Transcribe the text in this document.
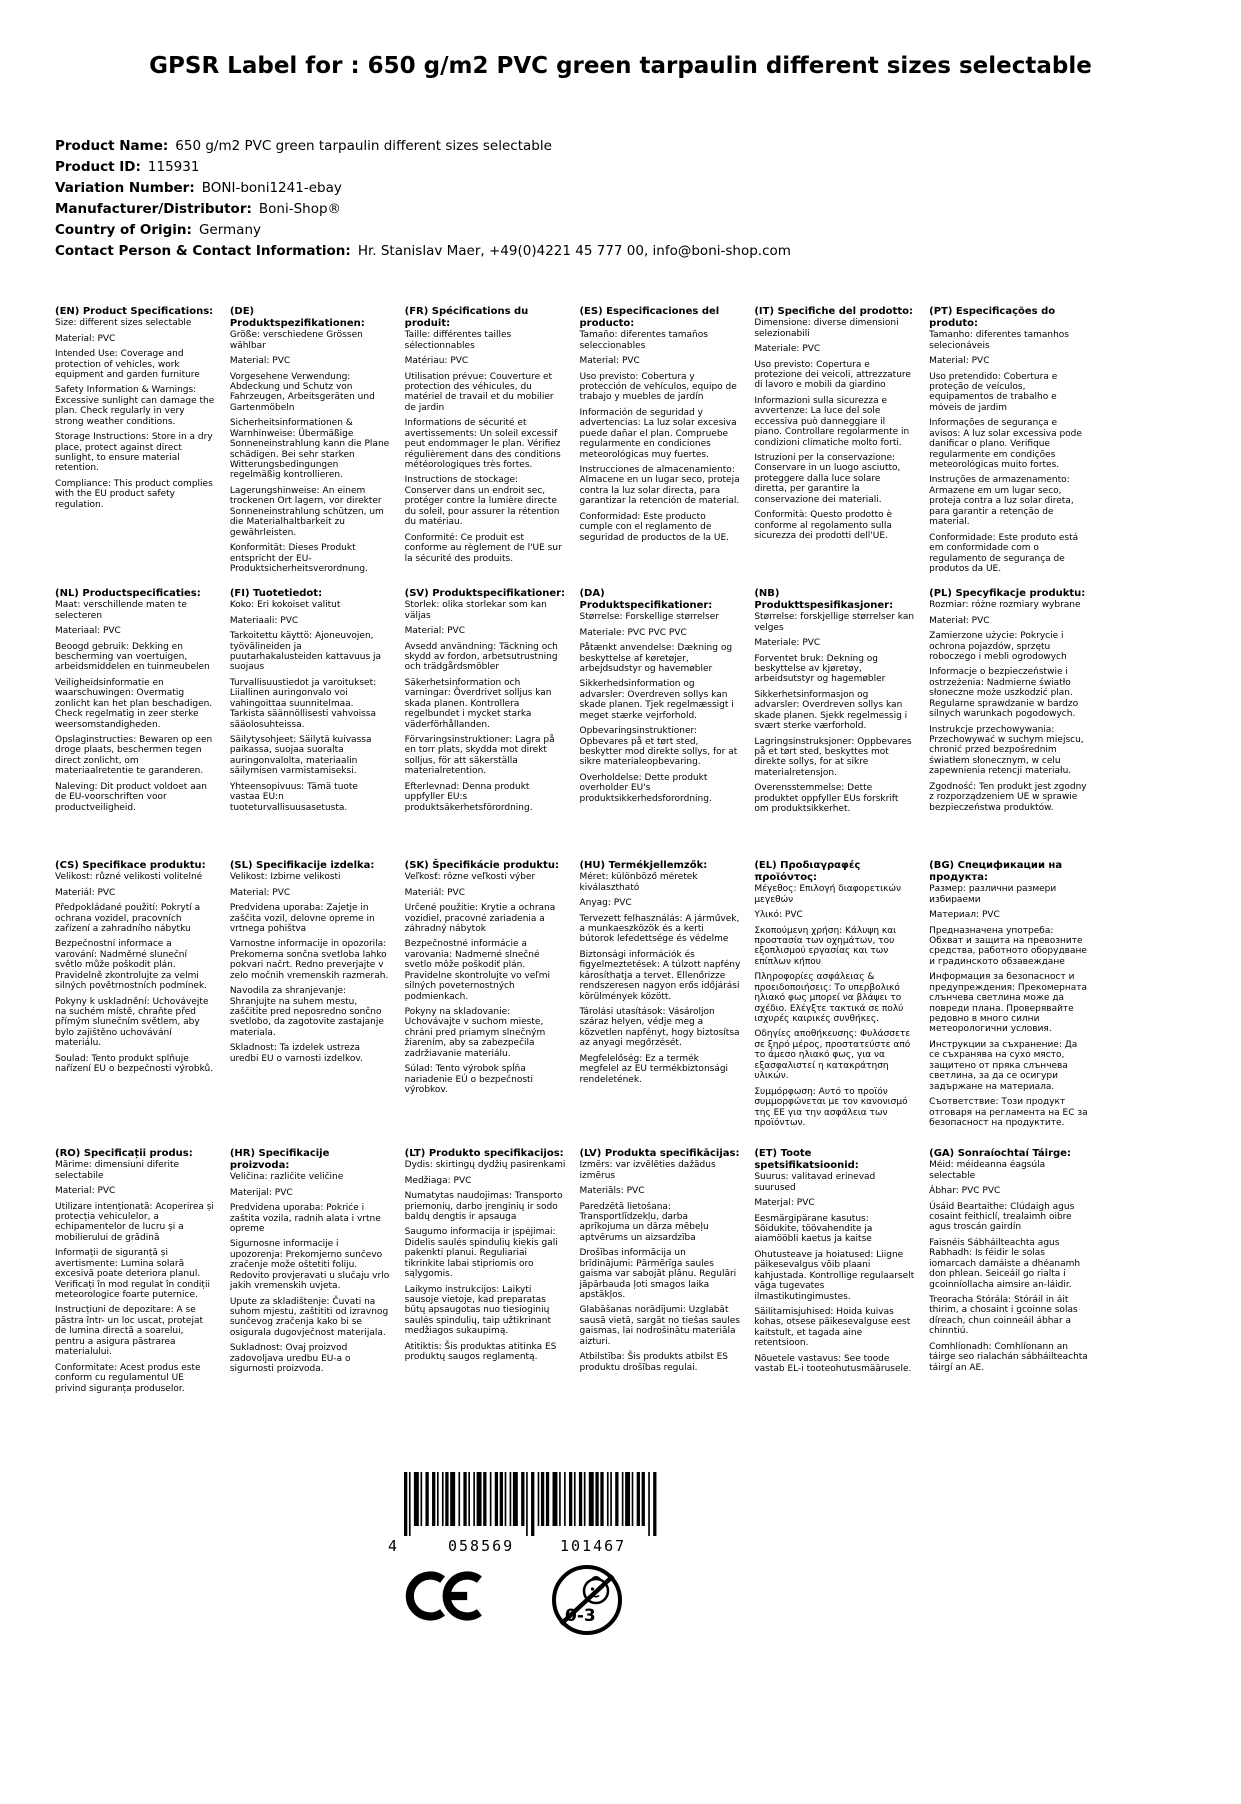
GPSR Label for : 650 g/m2 PVC green tarpaulin different sizes selectable
Product Name: 650 g/m2 PVC green tarpaulin different sizes selectable
Product ID: 115931
Variation Number: BONI-boni1241-ebay
Manufacturer/Distributor: Boni-Shop®
Country of Origin: Germany
Contact Person & Contact Information: Hr. Stanislav Maer, +49(0)4221 45 777 00, info@boni-shop.com
(EN) Product Specifications:

Size: different sizes selectable

Material: PVC

Intended Use: Coverage and protection of vehicles, work equipment and garden furniture

Safety Information & Warnings: Excessive sunlight can damage the plan. Check regularly in very strong weather conditions.

Storage Instructions: Store in a dry place, protect against direct sunlight, to ensure material retention.

Compliance: This product complies with the EU product safety regulation.

(DE) Produktspezifikationen:

Größe: verschiedene Grössen wählbar

Material: PVC

Vorgesehene Verwendung: Abdeckung und Schutz von Fahrzeugen, Arbeitsgeräten und Gartenmöbeln

Sicherheitsinformationen & Warnhinweise: Übermäßige Sonneneinstrahlung kann die Plane schädigen. Bei sehr starken Witterungsbedingungen regelmäßig kontrollieren.

Lagerungshinweise: An einem trockenen Ort lagern, vor direkter Sonneneinstrahlung schützen, um die Materialhaltbarkeit zu gewährleisten.

Konformität: Dieses Produkt entspricht der EU-Produktsicherheitsverordnung.

(FR) Spécifications du produit:

Taille: différentes tailles sélectionnables

Matériau: PVC

Utilisation prévue: Couverture et protection des véhicules, du matériel de travail et du mobilier de jardin

Informations de sécurité et avertissements: Un soleil excessif peut endommager le plan. Vérifiez régulièrement dans des conditions météorologiques très fortes.

Instructions de stockage: Conserver dans un endroit sec, protéger contre la lumière directe du soleil, pour assurer la rétention du matériau.

Conformité: Ce produit est conforme au règlement de l'UE sur la sécurité des produits.

(ES) Especificaciones del producto:

Tamaño: diferentes tamaños seleccionables

Material: PVC

Uso previsto: Cobertura y protección de vehículos, equipo de trabajo y muebles de jardín

Información de seguridad y advertencias: La luz solar excesiva puede dañar el plan. Compruebe regularmente en condiciones meteorológicas muy fuertes.

Instrucciones de almacenamiento: Almacene en un lugar seco, proteja contra la luz solar directa, para garantizar la retención de material.

Conformidad: Este producto cumple con el reglamento de seguridad de productos de la UE.

(IT) Specifiche del prodotto:

Dimensione: diverse dimensioni selezionabili

Materiale: PVC

Uso previsto: Copertura e protezione dei veicoli, attrezzature di lavoro e mobili da giardino

Informazioni sulla sicurezza e avvertenze: La luce del sole eccessiva può danneggiare il piano. Controllare regolarmente in condizioni climatiche molto forti.

Istruzioni per la conservazione: Conservare in un luogo asciutto, proteggere dalla luce solare diretta, per garantire la conservazione dei materiali.

Conformità: Questo prodotto è conforme al regolamento sulla sicurezza dei prodotti dell'UE.

(PT) Especificações do produto:

Tamanho: diferentes tamanhos selecionáveis

Material: PVC

Uso pretendido: Cobertura e proteção de veículos, equipamentos de trabalho e móveis de jardim

Informações de segurança e avisos: A luz solar excessiva pode danificar o plano. Verifique regularmente em condições meteorológicas muito fortes.

Instruções de armazenamento: Armazene em um lugar seco, proteja contra a luz solar direta, para garantir a retenção de material.

Conformidade: Este produto está em conformidade com o regulamento de segurança de produtos da UE.

(NL) Productspecificaties:

Maat: verschillende maten te selecteren

Materiaal: PVC

Beoogd gebruik: Dekking en bescherming van voertuigen, arbeidsmiddelen en tuinmeubelen

Veiligheidsinformatie en waarschuwingen: Overmatig zonlicht kan het plan beschadigen. Check regelmatig in zeer sterke weersomstandigheden.

Opslaginstructies: Bewaren op een droge plaats, beschermen tegen direct zonlicht, om materiaalretentie te garanderen.

Naleving: Dit product voldoet aan de EU-voorschriften voor productveiligheid.

(FI) Tuotetiedot:

Koko: Eri kokoiset valitut

Materiaali: PVC

Tarkoitettu käyttö: Ajoneuvojen, työvälineiden ja puutarhakalusteiden kattavuus ja suojaus

Turvallisuustiedot ja varoitukset: Liiallinen auringonvalo voi vahingoittaa suunnitelmaa. Tarkista säännöllisesti vahvoissa sääolosuhteissa.

Säilytysohjeet: Säilytä kuivassa paikassa, suojaa suoralta auringonvalolta, materiaalin säilymisen varmistamiseksi.

Yhteensopivuus: Tämä tuote vastaa EU:n tuoteturvallisuusasetusta.

(SV) Produktspecifikationer:

Storlek: olika storlekar som kan väljas

Material: PVC

Avsedd användning: Täckning och skydd av fordon, arbetsutrustning och trädgårdsmöbler

Säkerhetsinformation och varningar: Överdrivet solljus kan skada planen. Kontrollera regelbundet i mycket starka väderförhållanden.

Förvaringsinstruktioner: Lagra på en torr plats, skydda mot direkt solljus, för att säkerställa materialretention.

Efterlevnad: Denna produkt uppfyller EU:s produktsäkerhetsförordning.

(DA) Produktspecifikationer:

Størrelse: Forskellige størrelser

Materiale: PVC PVC PVC

Påtænkt anvendelse: Dækning og beskyttelse af køretøjer, arbejdsudstyr og havemøbler

Sikkerhedsinformation og advarsler: Overdreven sollys kan skade planen. Tjek regelmæssigt i meget stærke vejrforhold.

Opbevaringsinstruktioner: Opbevares på et tørt sted, beskytter mod direkte sollys, for at sikre materialeopbevaring.

Overholdelse: Dette produkt overholder EU's produktsikkerhedsforordning.

(NB) Produkttspesifikasjoner:

Størrelse: forskjellige størrelser kan velges

Materiale: PVC

Forventet bruk: Dekning og beskyttelse av kjøretøy, arbeidsutstyr og hagemøbler

Sikkerhetsinformasjon og advarsler: Overdreven sollys kan skade planen. Sjekk regelmessig i svært sterke værforhold.

Lagringsinstruksjoner: Oppbevares på et tørt sted, beskyttes mot direkte sollys, for at sikre materialretensjon.

Overensstemmelse: Dette produktet oppfyller EUs forskrift om produktsikkerhet.

(PL) Specyfikacje produktu:

Rozmiar: różne rozmiary wybrane

Materiał: PVC

Zamierzone użycie: Pokrycie i ochrona pojazdów, sprzętu roboczego i mebli ogrodowych

Informacje o bezpieczeństwie i ostrzeżenia: Nadmierne światło słoneczne może uszkodzić plan. Regularne sprawdzanie w bardzo silnych warunkach pogodowych.

Instrukcje przechowywania: Przechowywać w suchym miejscu, chronić przed bezpośrednim światłem słonecznym, w celu zapewnienia retencji materiału.

Zgodność: Ten produkt jest zgodny z rozporządzeniem UE w sprawie bezpieczeństwa produktów.

(CS) Specifikace produktu:

Velikost: různé velikosti volitelné

Materiál: PVC

Předpokládané použití: Pokrytí a ochrana vozidel, pracovních zařízení a zahradního nábytku

Bezpečnostní informace a varování: Nadměrné sluneční světlo může poškodit plán. Pravidelně zkontrolujte za velmi silných povětrnostních podmínek.

Pokyny k uskladnění: Uchovávejte na suchém místě, chraňte před přímým slunečním světlem, aby bylo zajištěno uchovávání materiálu.

Soulad: Tento produkt splňuje nařízení EU o bezpečnosti výrobků.

(SL) Specifikacije izdelka:

Velikost: Izbirne velikosti

Material: PVC

Predvidena uporaba: Zajetje in zaščita vozil, delovne opreme in vrtnega pohištva

Varnostne informacije in opozorila: Prekomerna sončna svetloba lahko pokvari načrt. Redno preverjajte v zelo močnih vremenskih razmerah.

Navodila za shranjevanje: Shranjujte na suhem mestu, zaščitite pred neposredno sončno svetlobo, da zagotovite zastajanje materiala.

Skladnost: Ta izdelek ustreza uredbi EU o varnosti izdelkov.

(SK) Špecifikácie produktu:

Veľkosť: rôzne veľkosti výber

Materiál: PVC

Určené použitie: Krytie a ochrana vozidiel, pracovné zariadenia a záhradný nábytok

Bezpečnostné informácie a varovania: Nadmerné slnečné svetlo môže poškodiť plán. Pravidelne skontrolujte vo veľmi silných poveternostných podmienkach.

Pokyny na skladovanie: Uchovávajte v suchom mieste, chráni pred priamym slnečným žiarením, aby sa zabezpečila zadržiavanie materiálu.

Súlad: Tento výrobok spĺňa nariadenie EÚ o bezpečnosti výrobkov.

(HU) Termékjellemzők:

Méret: különböző méretek kiválasztható

Anyag: PVC

Tervezett felhasználás: A járművek, a munkaeszközök és a kerti bútorok lefedettsége és védelme

Biztonsági információk és figyelmeztetések: A túlzott napfény károsíthatja a tervet. Ellenőrizze rendszeresen nagyon erős időjárási körülmények között.

Tárolási utasítások: Vásároljon száraz helyen, védje meg a közvetlen napfényt, hogy biztosítsa az anyagi megőrzését.

Megfelelőség: Ez a termék megfelel az EU termékbiztonsági rendeletének.

(EL) Προδιαγραφές προϊόντος:

Μέγεθος: Επιλογή διαφορετικών μεγεθών

Υλικό: PVC

Σκοπούμενη χρήση: Κάλυψη και προστασία των οχημάτων, του εξοπλισμού εργασίας και των επίπλων κήπου

Πληροφορίες ασφάλειας & προειδοποιήσεις: Το υπερβολικό ηλιακό φως μπορεί να βλάψει το σχέδιο. Ελέγξτε τακτικά σε πολύ ισχυρές καιρικές συνθήκες.

Οδηγίες αποθήκευσης: Φυλάσσετε σε ξηρό μέρος, προστατεύστε από το άμεσο ηλιακό φως, για να εξασφαλιστεί η κατακράτηση υλικών.

Συμμόρφωση: Αυτό το προϊόν συμμορφώνεται με τον κανονισμό της ΕΕ για την ασφάλεια των προϊόντων.

(BG) Спецификации на продукта:

Размер: различни размери избираеми

Материал: PVC

Предназначена употреба: Обхват и защита на превозните средства, работното оборудване и градинското обзавеждане

Информация за безопасност и предупреждения: Прекомерната слънчева светлина може да повреди плана. Проверявайте редовно в много силни метеорологични условия.

Инструкции за съхранение: Да се съхранява на сухо място, защитено от пряка слънчева светлина, за да се осигури задържане на материала.

Съответствие: Този продукт отговаря на регламента на ЕС за безопасност на продуктите.

(RO) Specificații produs:

Mărime: dimensiuni diferite selectabile

Material: PVC

Utilizare intenționată: Acoperirea și protecția vehiculelor, a echipamentelor de lucru și a mobilierului de grădină

Informații de siguranță și avertismente: Lumina solară excesivă poate deteriora planul. Verificați în mod regulat în condiții meteorologice foarte puternice.

Instrucțiuni de depozitare: A se păstra într- un loc uscat, protejat de lumina directă a soarelui, pentru a asigura păstrarea materialului.

Conformitate: Acest produs este conform cu regulamentul UE privind siguranța produselor.

(HR) Specifikacije proizvoda:

Veličina: različite veličine

Materijal: PVC

Predvidena uporaba: Pokriće i zaštita vozila, radnih alata i vrtne opreme

Sigurnosne informacije i upozorenja: Prekomjerno sunčevo zračenje može oštetiti foliju. Redovito provjeravati u slučaju vrlo jakih vremenskih uvjeta.

Upute za skladištenje: Čuvati na suhom mjestu, zaštititi od izravnog sunčevog zračenja kako bi se osigurala dugovječnost materijala.

Sukladnost: Ovaj proizvod zadovoljava uredbu EU-a o sigurnosti proizvoda.

(LT) Produkto specifikacijos:

Dydis: skirtingų dydžių pasirenkami

Medžiaga: PVC

Numatytas naudojimas: Transporto priemonių, darbo įrenginių ir sodo baldų dengtis ir apsauga

Saugumo informacija ir įspėjimai: Didelis saulės spindulių kiekis gali pakenkti planui. Reguliariai tikrinkite labai stipriomis oro sąlygomis.

Laikymo instrukcijos: Laikyti sausoje vietoje, kad preparatas būtų apsaugotas nuo tiesioginių saulės spindulių, taip užtikrinant medžiagos sukaupimą.

Atitiktis: Šis produktas atitinka ES produktų saugos reglamentą.

(LV) Produkta specifikācijas:

Izmērs: var izvēlēties dažādus izmērus

Materiāls: PVC

Paredzētā lietošana: Transportlīdzekļu, darba aprīkojuma un dārza mēbeļu aptvērums un aizsardzība

Drošības informācija un brīdinājumi: Pārmērīga saules gaisma var sabojāt plānu. Regulāri jāpārbauda ļoti smagos laika apstākļos.

Glabāšanas norādījumi: Uzglabāt sausā vietā, sargāt no tiešas saules gaismas, lai nodrošinātu materiāla aizturi.

Atbilstība: Šis produkts atbilst ES produktu drošības regulai.

(ET) Toote spetsifikatsioonid:

Suurus: valitavad erinevad suurused

Materjal: PVC

Eesmärgipärane kasutus: Sõidukite, töövahendite ja aiamööbli kaetus ja kaitse

Ohutusteave ja hoiatused: Liigne päikesevalgus võib plaani kahjustada. Kontrollige regulaarselt väga tugevates ilmastikutingimustes.

Säilitamisjuhised: Hoida kuivas kohas, otsese päikesevalguse eest kaitstult, et tagada aine retentsioon.

Nõuetele vastavus: See toode vastab EL-i tooteohutusmäärusele.

(GA) Sonraíochtaí Táirge:

Méid: méideanna éagsúla selectable

Ábhar: PVC PVC

Úsáid Beartaithe: Clúdaigh agus cosaint feithiclí, trealaimh oibre agus troscán gairdín

Faisnéis Sábháilteachta agus Rabhadh: Is féidir le solas iomarcach damáiste a dhéanamh don phlean. Seiceáil go rialta i gcoinníollacha aimsire an-láidir.

Treoracha Stórála: Stóráil in áit thirim, a chosaint i gcoinne solas díreach, chun coinneáil ábhar a chinntiú.

Comhlíonadh: Comhlíonann an táirge seo rialachán sábháilteachta táirgí an AE.

4	058569	101467
0-3
